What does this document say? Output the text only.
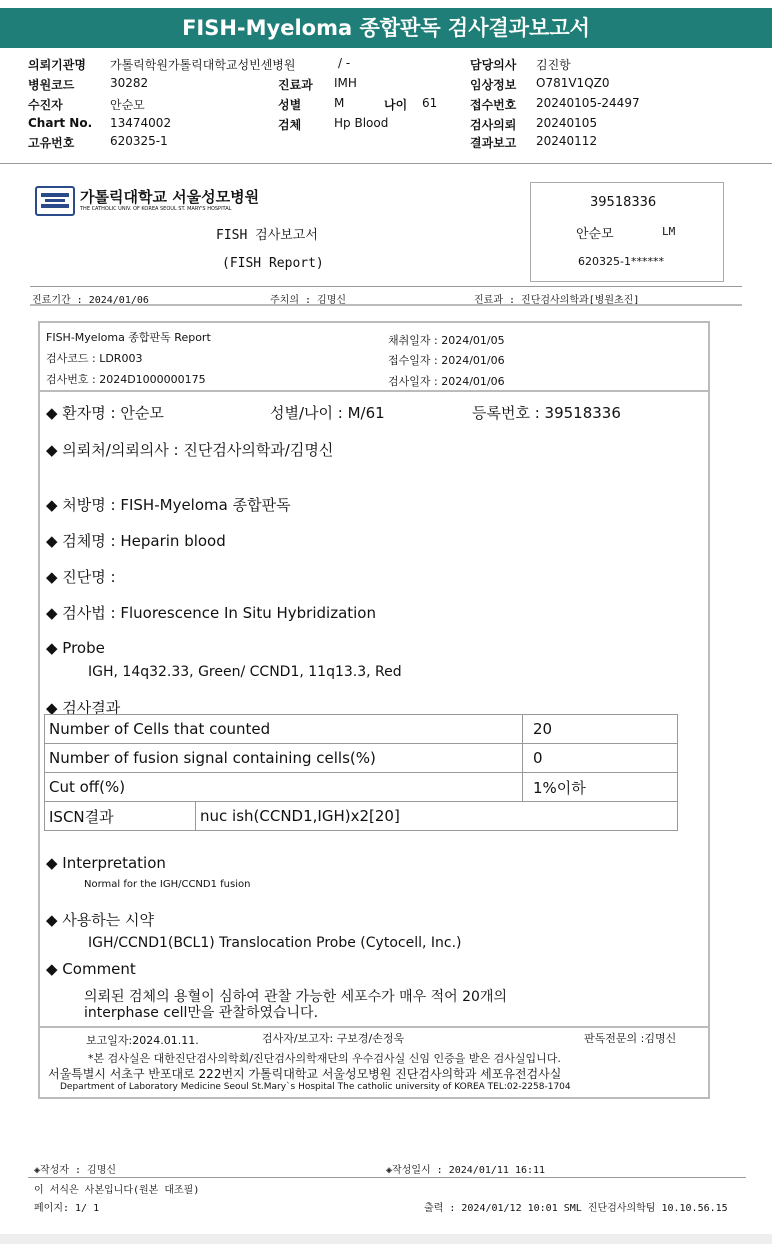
FISH-Myeloma 종합판독 검사결과보고서
의뢰기관명 가톨릭학원가톨릭대학교성빈센병원	/ -	담당의사 김진항
병원코드	30282	진료과 IMH	임상정보 O781V1QZ0
수진자	안순모	성별	M	나이 61	접수번호 20240105-24497
Chart No. 13474002	검체	Hp Blood	검사의뢰 20240105
고유번호	620325-1	결과보고 20240112
가톨릭대학교 서울성모병원
THE CATHOLIC UNIV. OF KOREA SEOUL ST. MARY'S HOSPITAL
FISH 검사보고서
(FISH Report)
39518336
안순모	LM
620325-1******
진료기간 : 2024/01/06	주치의 : 김명신	진료과 : 진단검사의학과[병원초진]
FISH-Myeloma 종합판독 Report
검사코드 : LDR003
검사번호 : 2024D1000000175
채취일자 : 2024/01/05
접수일자 : 2024/01/06
검사일자 : 2024/01/06
◆ 환자명 : 안순모	성별/나이 : M/61	등록번호 : 39518336
◆ 의뢰처/의뢰의사 : 진단검사의학과/김명신
◆ 처방명 : FISH-Myeloma 종합판독
◆ 검체명 : Heparin blood
◆ 진단명 :
◆ 검사법 : Fluorescence In Situ Hybridization
◆ Probe
IGH, 14q32.33, Green/ CCND1, 11q13.3, Red
◆ 검사결과
Number of Cells that counted		20
Number of fusion signal containing cells(%)		0
Cut off(%)		1%이하
ISCN결과	nuc ish(CCND1,IGH)x2[20]	
◆ Interpretation
Normal for the IGH/CCND1 fusion
◆ 사용하는 시약
IGH/CCND1(BCL1) Translocation Probe (Cytocell, Inc.)
◆ Comment
의뢰된 검체의 용혈이 심하여 관찰 가능한 세포수가 매우 적어 20개의
interphase cell만을 관찰하였습니다.
보고일자:2024.01.11.	검사자/보고자: 구보경/손정욱	판독전문의 :김명신
*본 검사실은 대한진단검사의학회/진단검사의학재단의 우수검사실 신임 인증을 받은 검사실입니다.
서울특별시 서초구 반포대로 222번지 가톨릭대학교 서울성모병원 진단검사의학과 세포유전검사실
Department of Laboratory Medicine Seoul St.Mary`s Hospital The catholic university of KOREA TEL:02-2258-1704
◈작성자 : 김명신	◈작성일시 : 2024/01/11 16:11
이 서식은 사본입니다(원본 대조필)
페이지: 1/ 1	출력 : 2024/01/12 10:01 SML 진단검사의학팀 10.10.56.15
